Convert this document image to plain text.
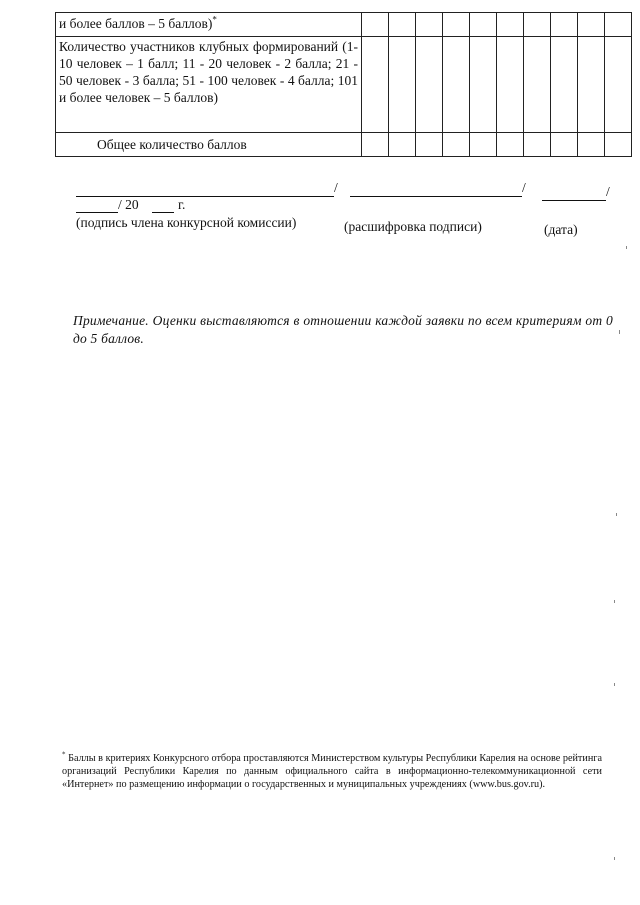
и более баллов – 5 баллов)*

Количество участников клубных формирований (1- 10 человек – 1 балл; 11 - 20 человек - 2 балла; 21 - 50 человек - 3 балла; 51 - 100 человек - 4 балла; 101 и более человек – 5 баллов)										

Общее количество баллов										

/	/	/
/ 20	г.
(подпись члена конкурсной комиссии)	(расшифровка подписи)	(дата)
Примечание. Оценки выставляются в отношении каждой заявки по всем критериям от 0 до 5 баллов.
* Баллы в критериях Конкурсного отбора проставляются Министерством культуры Республики Карелия на основе рейтинга организаций Республики Карелия по данным официального сайта в информационно-телекоммуникационной сети «Интернет» по размещению информации о государственных и муниципальных учреждениях (www.bus.gov.ru).
